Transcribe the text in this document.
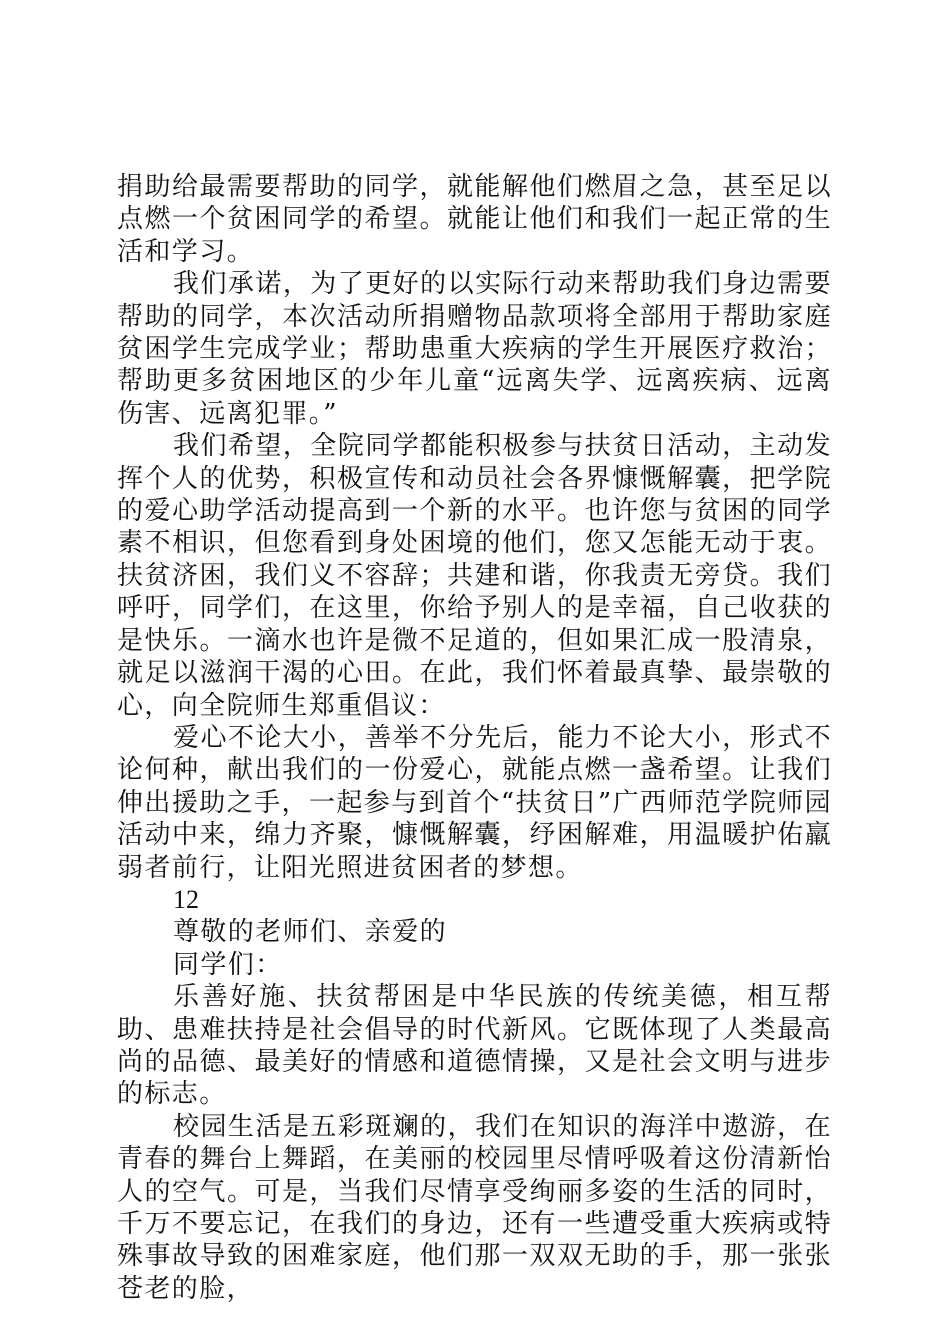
捐助给最需要帮助的同学，就能解他们燃眉之急，甚至足以点燃一个贫困同学的希望。就能让他们和我们一起正常的生活和学习。

我们承诺，为了更好的以实际行动来帮助我们身边需要帮助的同学，本次活动所捐赠物品款项将全部用于帮助家庭贫困学生完成学业；帮助患重大疾病的学生开展医疗救治；帮助更多贫困地区的少年儿童“远离失学、远离疾病、远离伤害、远离犯罪。”

我们希望，全院同学都能积极参与扶贫日活动，主动发挥个人的优势，积极宣传和动员社会各界慷慨解囊，把学院的爱心助学活动提高到一个新的水平。也许您与贫困的同学素不相识，但您看到身处困境的他们，您又怎能无动于衷。扶贫济困，我们义不容辞；共建和谐，你我责无旁贷。我们呼吁，同学们，在这里，你给予别人的是幸福，自己收获的是快乐。一滴水也许是微不足道的，但如果汇成一股清泉，就足以滋润干渴的心田。在此，我们怀着最真挚、最崇敬的心，向全院师生郑重倡议：

爱心不论大小，善举不分先后，能力不论大小，形式不论何种，献出我们的一份爱心，就能点燃一盏希望。让我们伸出援助之手，一起参与到首个“扶贫日”广西师范学院师园活动中来，绵力齐聚，慷慨解囊，纾困解难，用温暖护佑羸弱者前行，让阳光照进贫困者的梦想。

12

尊敬的老师们、亲爱的

同学们：

乐善好施、扶贫帮困是中华民族的传统美德，相互帮助、患难扶持是社会倡导的时代新风。它既体现了人类最高尚的品德、最美好的情感和道德情操，又是社会文明与进步的标志。

校园生活是五彩斑斓的，我们在知识的海洋中遨游，在青春的舞台上舞蹈，在美丽的校园里尽情呼吸着这份清新怡人的空气。可是，当我们尽情享受绚丽多姿的生活的同时，千万不要忘记，在我们的身边，还有一些遭受重大疾病或特殊事故导致的困难家庭，他们那一双双无助的手，那一张张苍老的脸，
